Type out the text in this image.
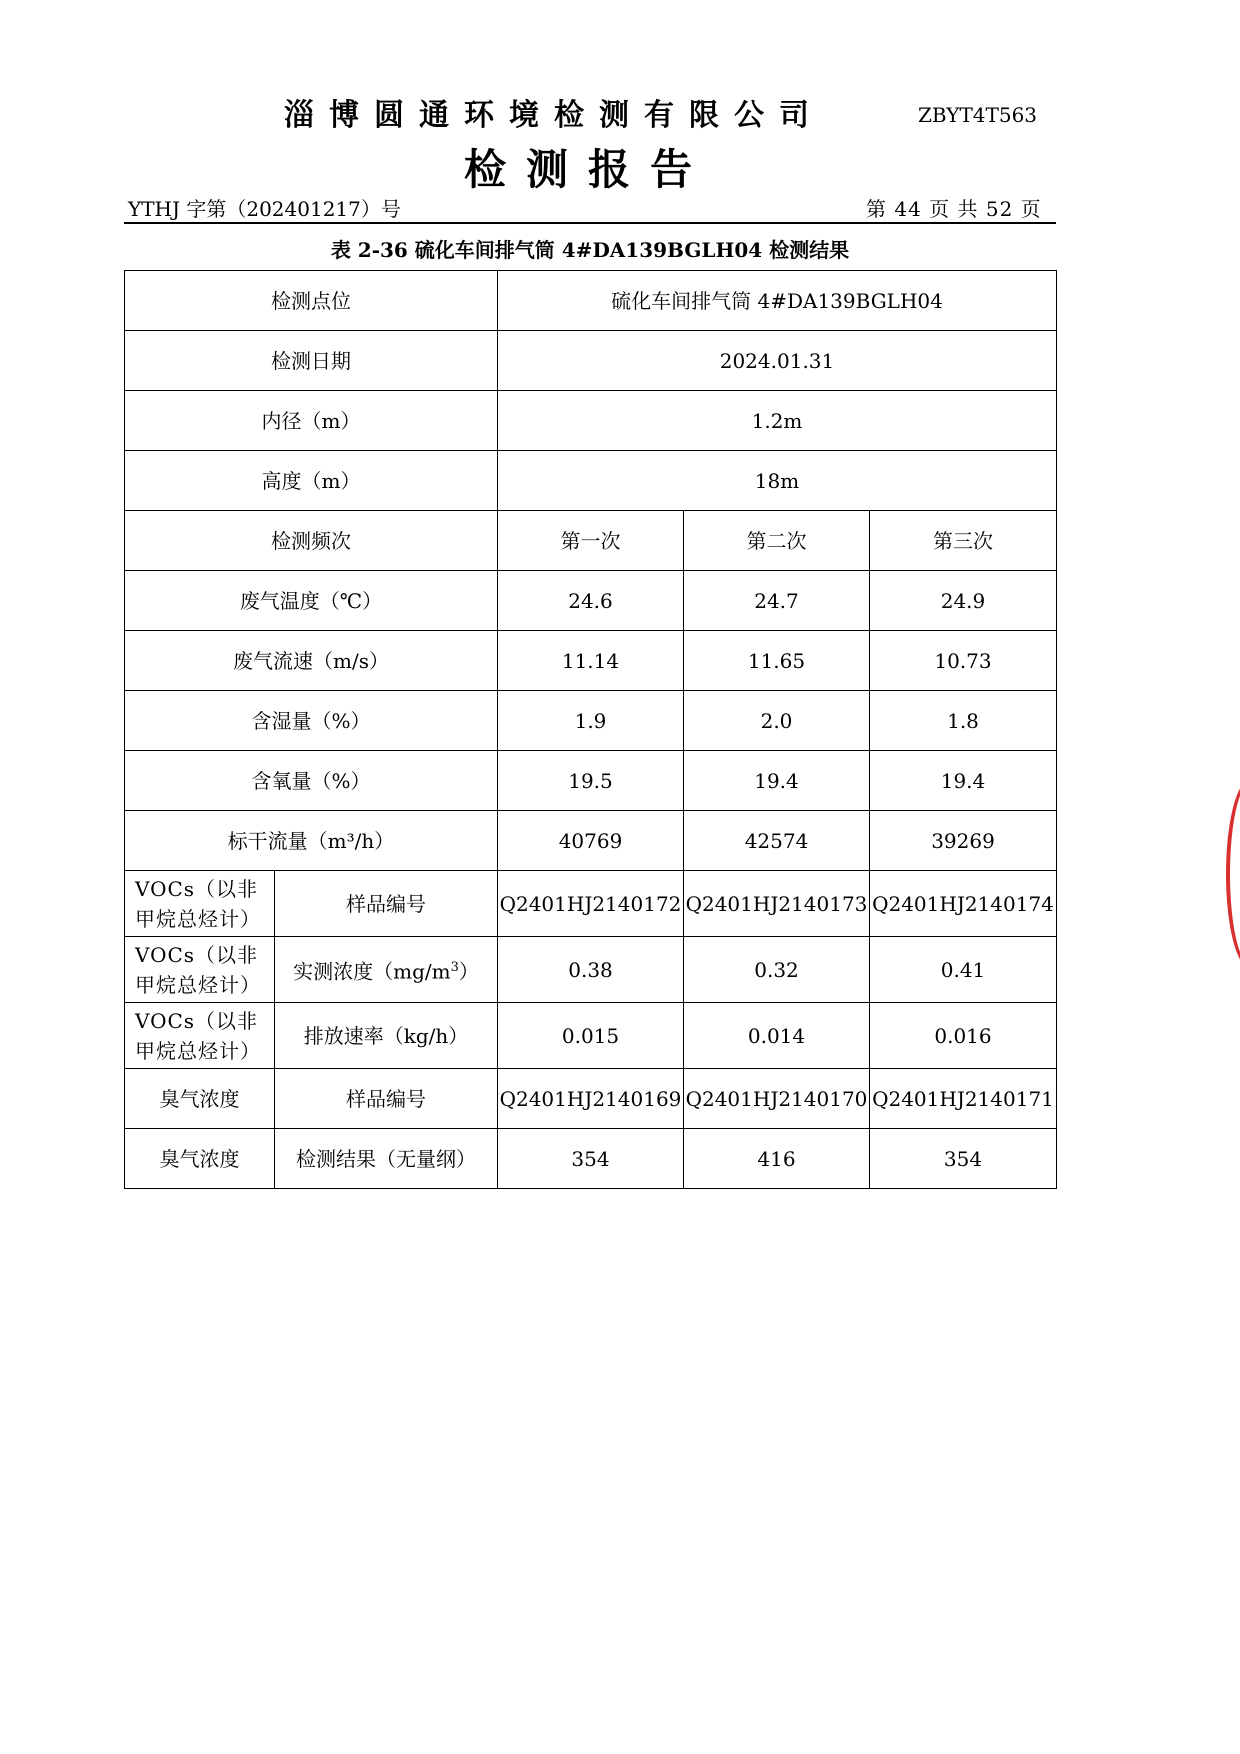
淄博圆通环境检测有限公司	ZBYT4T563
检测报告
YTHJ 字第（202401217）号	第 44 页 共 52 页
表 2-36 硫化车间排气筒 4#DA139BGLH04 检测结果
检测点位		硫化车间排气筒 4#DA139BGLH04		
检测日期		2024.01.31		
内径（m）		1.2m		
高度（m）		18m		
检测频次		第一次	第二次	第三次
废气温度（℃）		24.6	24.7	24.9
废气流速（m/s）		11.14	11.65	10.73
含湿量（%）		1.9	2.0	1.8
含氧量（%）		19.5	19.4	19.4
标干流量（m³/h）		40769	42574	39269
VOCs（以非甲烷总烃计）	样品编号	Q2401HJ2140172	Q2401HJ2140173	Q2401HJ2140174
VOCs（以非甲烷总烃计）	实测浓度$(mg/m^3)$	0.38	0.32	0.41
VOCs（以非甲烷总烃计）	排放速率（kg/h）	0.015	0.014	0.016
臭气浓度	样品编号	Q2401HJ2140169	Q2401HJ2140170	Q2401HJ2140171
臭气浓度	检测结果（无量纲）	354	416	354
